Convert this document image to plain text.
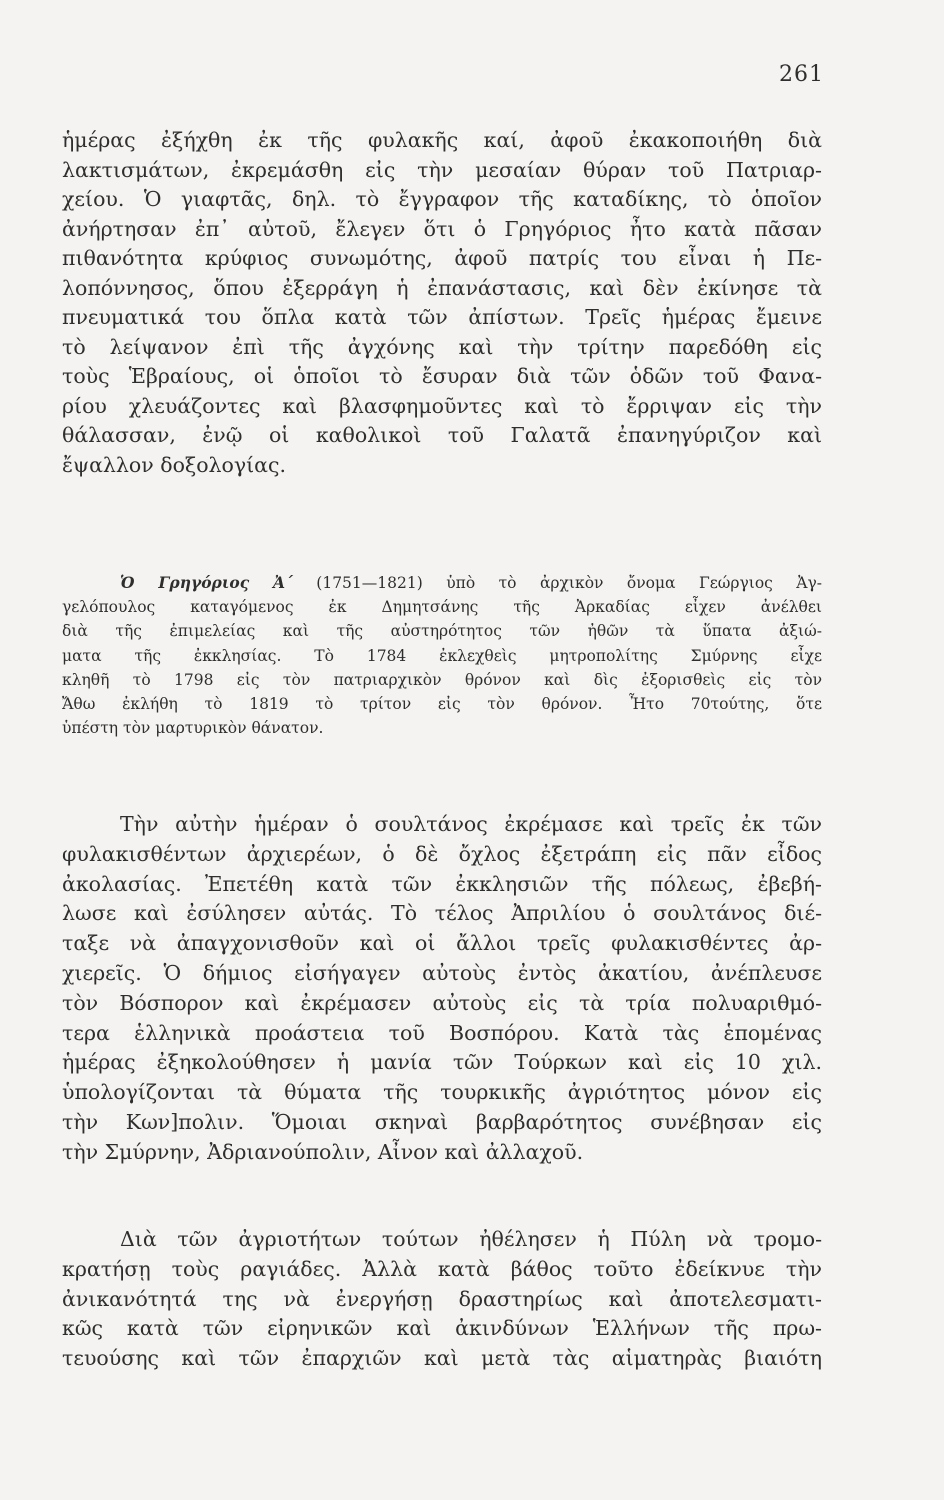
261
ἡμέρας ἐξήχθη ἐκ τῆς φυλακῆς καί, ἀφοῦ ἐκακοποιήθη διὰ
λακτισμάτων, ἐκρεμάσθη εἰς τὴν μεσαίαν θύραν τοῦ Πατριαρ-
χείου. Ὁ γιαφτᾶς, δηλ. τὸ ἔγγραφον τῆς καταδίκης, τὸ ὁποῖον
ἀνήρτησαν ἐπ᾽ αὐτοῦ, ἔλεγεν ὅτι ὁ Γρηγόριος ἦτο κατὰ πᾶσαν
πιθανότητα κρύφιος συνωμότης, ἀφοῦ πατρίς του εἶναι ἡ Πε-
λοπόννησος, ὅπου ἐξερράγη ἡ ἐπανάστασις, καὶ δὲν ἐκίνησε τὰ
πνευματικά του ὅπλα κατὰ τῶν ἀπίστων. Τρεῖς ἡμέρας ἔμεινε
τὸ λείψανον ἐπὶ τῆς ἀγχόνης καὶ τὴν τρίτην παρεδόθη εἰς
τοὺς Ἑβραίους, οἱ ὁποῖοι τὸ ἔσυραν διὰ τῶν ὁδῶν τοῦ Φανα-
ρίου χλευάζοντες καὶ βλασφημοῦντες καὶ τὸ ἔρριψαν εἰς τὴν
θάλασσαν, ἐνῷ οἱ καθολικοὶ τοῦ Γαλατᾶ ἐπανηγύριζον καὶ
ἔψαλλον δοξολογίας.
Ὁ Γρηγόριος Ἀ΄ (1751—1821) ὑπὸ τὸ ἀρχικὸν ὄνομα Γεώργιος Ἀγ-
γελόπουλος καταγόμενος ἐκ Δημητσάνης τῆς Ἀρκαδίας εἶχεν ἀνέλθει
διὰ τῆς ἐπιμελείας καὶ τῆς αὐστηρότητος τῶν ἠθῶν τὰ ὕπατα ἀξιώ-
ματα τῆς ἐκκλησίας. Τὸ 1784 ἐκλεχθεὶς μητροπολίτης Σμύρνης εἶχε
κληθῆ τὸ 1798 εἰς τὸν πατριαρχικὸν θρόνον καὶ δὶς ἐξορισθεὶς εἰς τὸν
Ἄθω ἐκλήθη τὸ 1819 τὸ τρίτον εἰς τὸν θρόνον. Ἦτο 70τούτης, ὅτε
ὑπέστη τὸν μαρτυρικὸν θάνατον.
Τὴν αὐτὴν ἡμέραν ὁ σουλτάνος ἐκρέμασε καὶ τρεῖς ἐκ τῶν
φυλακισθέντων ἀρχιερέων, ὁ δὲ ὄχλος ἐξετράπη εἰς πᾶν εἶδος
ἀκολασίας. Ἐπετέθη κατὰ τῶν ἐκκλησιῶν τῆς πόλεως, ἐβεβή-
λωσε καὶ ἐσύλησεν αὐτάς. Τὸ τέλος Ἀπριλίου ὁ σουλτάνος διέ-
ταξε νὰ ἀπαγχονισθοῦν καὶ οἱ ἄλλοι τρεῖς φυλακισθέντες ἀρ-
χιερεῖς. Ὁ δήμιος εἰσήγαγεν αὐτοὺς ἐντὸς ἀκατίου, ἀνέπλευσε
τὸν Βόσπορον καὶ ἐκρέμασεν αὐτοὺς εἰς τὰ τρία πολυαριθμό-
τερα ἑλληνικὰ προάστεια τοῦ Βοσπόρου. Κατὰ τὰς ἑπομένας
ἡμέρας ἐξηκολούθησεν ἡ μανία τῶν Τούρκων καὶ εἰς 10 χιλ.
ὑπολογίζονται τὰ θύματα τῆς τουρκικῆς ἀγριότητος μόνον εἰς
τὴν Κων]πολιν. Ὅμοιαι σκηναὶ βαρβαρότητος συνέβησαν εἰς
τὴν Σμύρνην, Ἀδριανούπολιν, Αἶνον καὶ ἀλλαχοῦ.
Διὰ τῶν ἀγριοτήτων τούτων ἠθέλησεν ἡ Πύλη νὰ τρομο-
κρατήσῃ τοὺς ραγιάδες. Ἀλλὰ κατὰ βάθος τοῦτο ἐδείκνυε τὴν
ἀνικανότητά της νὰ ἐνεργήσῃ δραστηρίως καὶ ἀποτελεσματι-
κῶς κατὰ τῶν εἰρηνικῶν καὶ ἀκινδύνων Ἑλλήνων τῆς πρω-
τευούσης καὶ τῶν ἐπαρχιῶν καὶ μετὰ τὰς αἱματηρὰς βιαιότη
